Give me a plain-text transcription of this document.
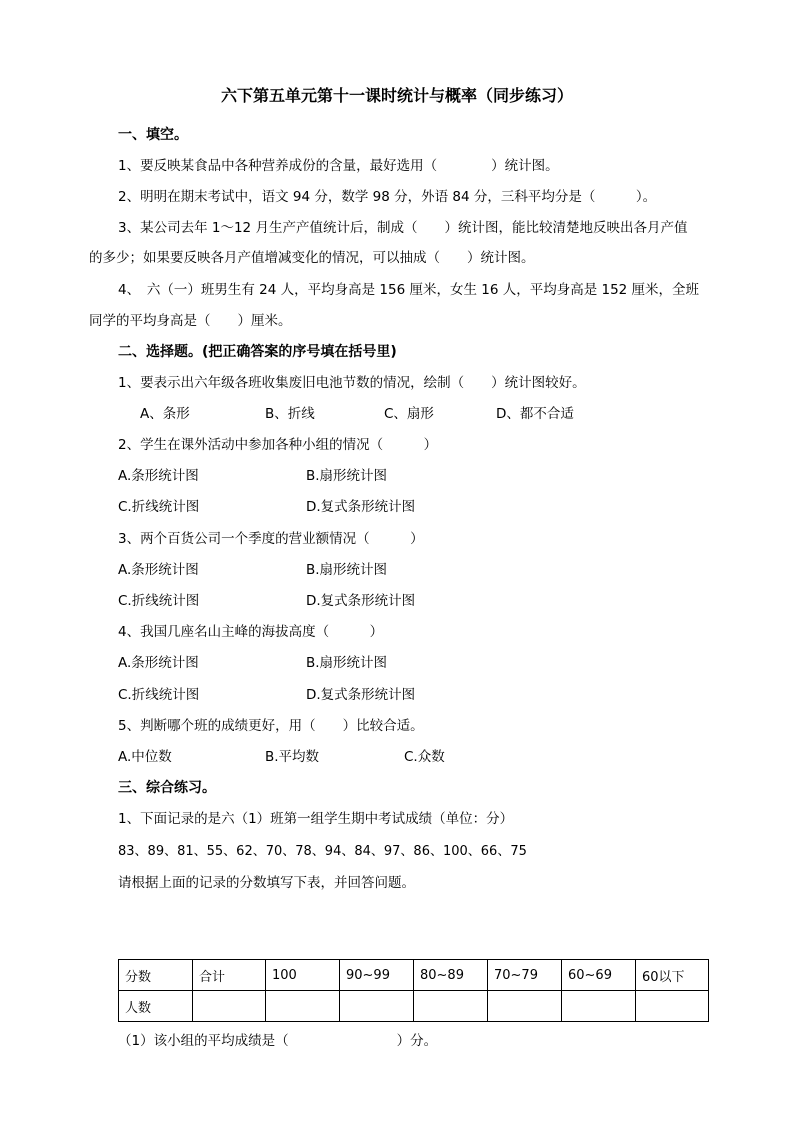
六下第五单元第十一课时统计与概率（同步练习）
一、填空。
1、要反映某食品中各种营养成份的含量，最好选用（　　　　）统计图。
2、明明在期末考试中，语文 94 分，数学 98 分，外语 84 分，三科平均分是（　　　）。
3、某公司去年 1～12 月生产产值统计后，制成（　　）统计图，能比较清楚地反映出各月产值
的多少；如果要反映各月产值增减变化的情况，可以抽成（　　）统计图。
4、　六（一）班男生有 24 人，平均身高是 156 厘米，女生 16 人，平均身高是 152 厘米，全班
同学的平均身高是（　　）厘米。
二、选择题。(把正确答案的序号填在括号里)
1、要表示出六年级各班收集废旧电池节数的情况，绘制（　　）统计图较好。
A、条形	B、折线	C、扇形	D、都不合适
2、学生在课外活动中参加各种小组的情况（　　　）
A.条形统计图	B.扇形统计图
C.折线统计图	D.复式条形统计图
3、两个百货公司一个季度的营业额情况（　　　）
A.条形统计图	B.扇形统计图
C.折线统计图	D.复式条形统计图
4、我国几座名山主峰的海拔高度（　　　）
A.条形统计图	B.扇形统计图
C.折线统计图	D.复式条形统计图
5、判断哪个班的成绩更好，用（　　）比较合适。
A.中位数	B.平均数	C.众数
三、综合练习。
1、下面记录的是六（1）班第一组学生期中考试成绩（单位：分）
83、89、81、55、62、70、78、94、84、97、86、100、66、75
请根据上面的记录的分数填写下表，并回答问题。
分数	合计	100	90~99	80~89	70~79	60~69	60以下
人数							
（1）该小组的平均成绩是（　　　　　　　　）分。
